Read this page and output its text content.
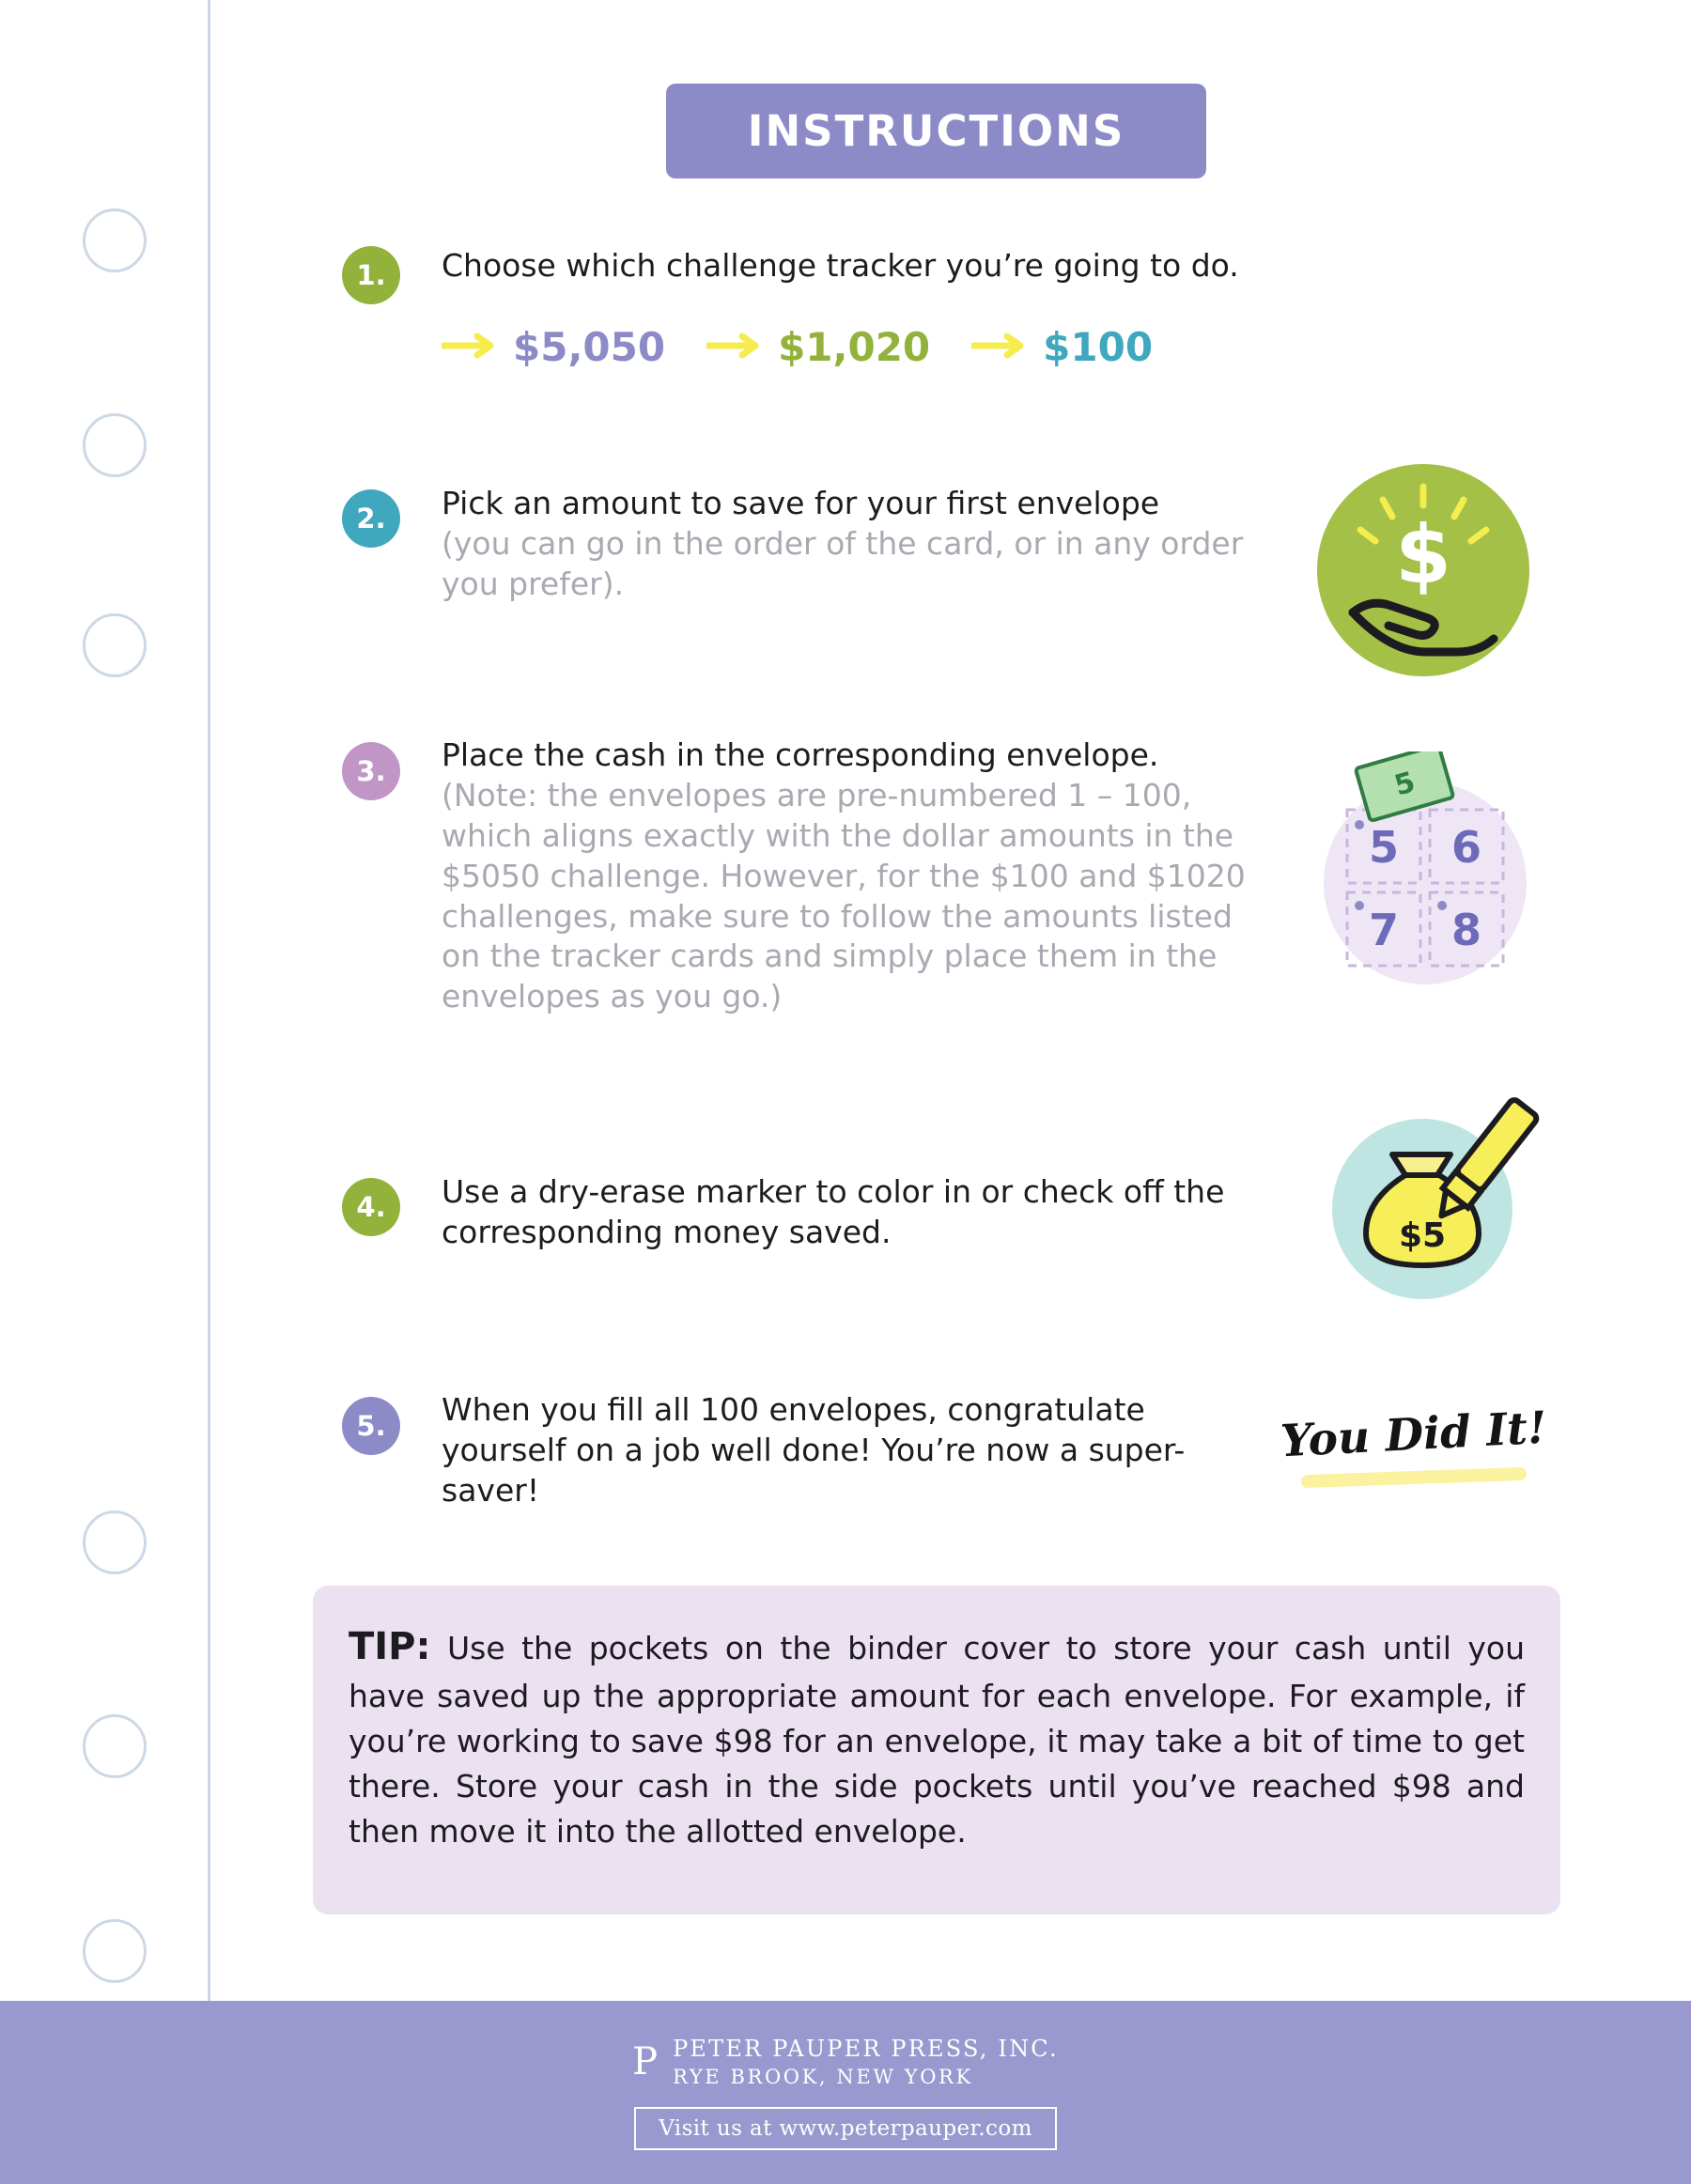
INSTRUCTIONS
1. Choose which challenge tracker you’re going to do.
$5,050	$1,020	$100
2. Pick an amount to save for your first envelope
(you can go in the order of the card, or in any order you prefer).	$
3. Place the cash in the corresponding envelope.
(Note: the envelopes are pre-numbered 1 – 100, which aligns exactly with the dollar amounts in the $5050 challenge. However, for the $100 and $1020 challenges, make sure to follow the amounts listed on the tracker cards and simply place them in the envelopes as you go.)
5 6
7 8
5
4. Use a dry-erase marker to color in or check off the corresponding money saved.	$5
5. When you fill all 100 envelopes, congratulate yourself on a job well done! You’re now a super-saver!
You Did It!
TIP: Use the pockets on the binder cover to store your cash until you have saved up the appropriate amount for each envelope. For example, if you’re working to save $98 for an envelope, it may take a bit of time to get there. Store your cash in the side pockets until you’ve reached $98 and then move it into the allotted envelope.
P PETER PAUPER PRESS, INC.
RYE BROOK, NEW YORK
Visit us at www.peterpauper.com
